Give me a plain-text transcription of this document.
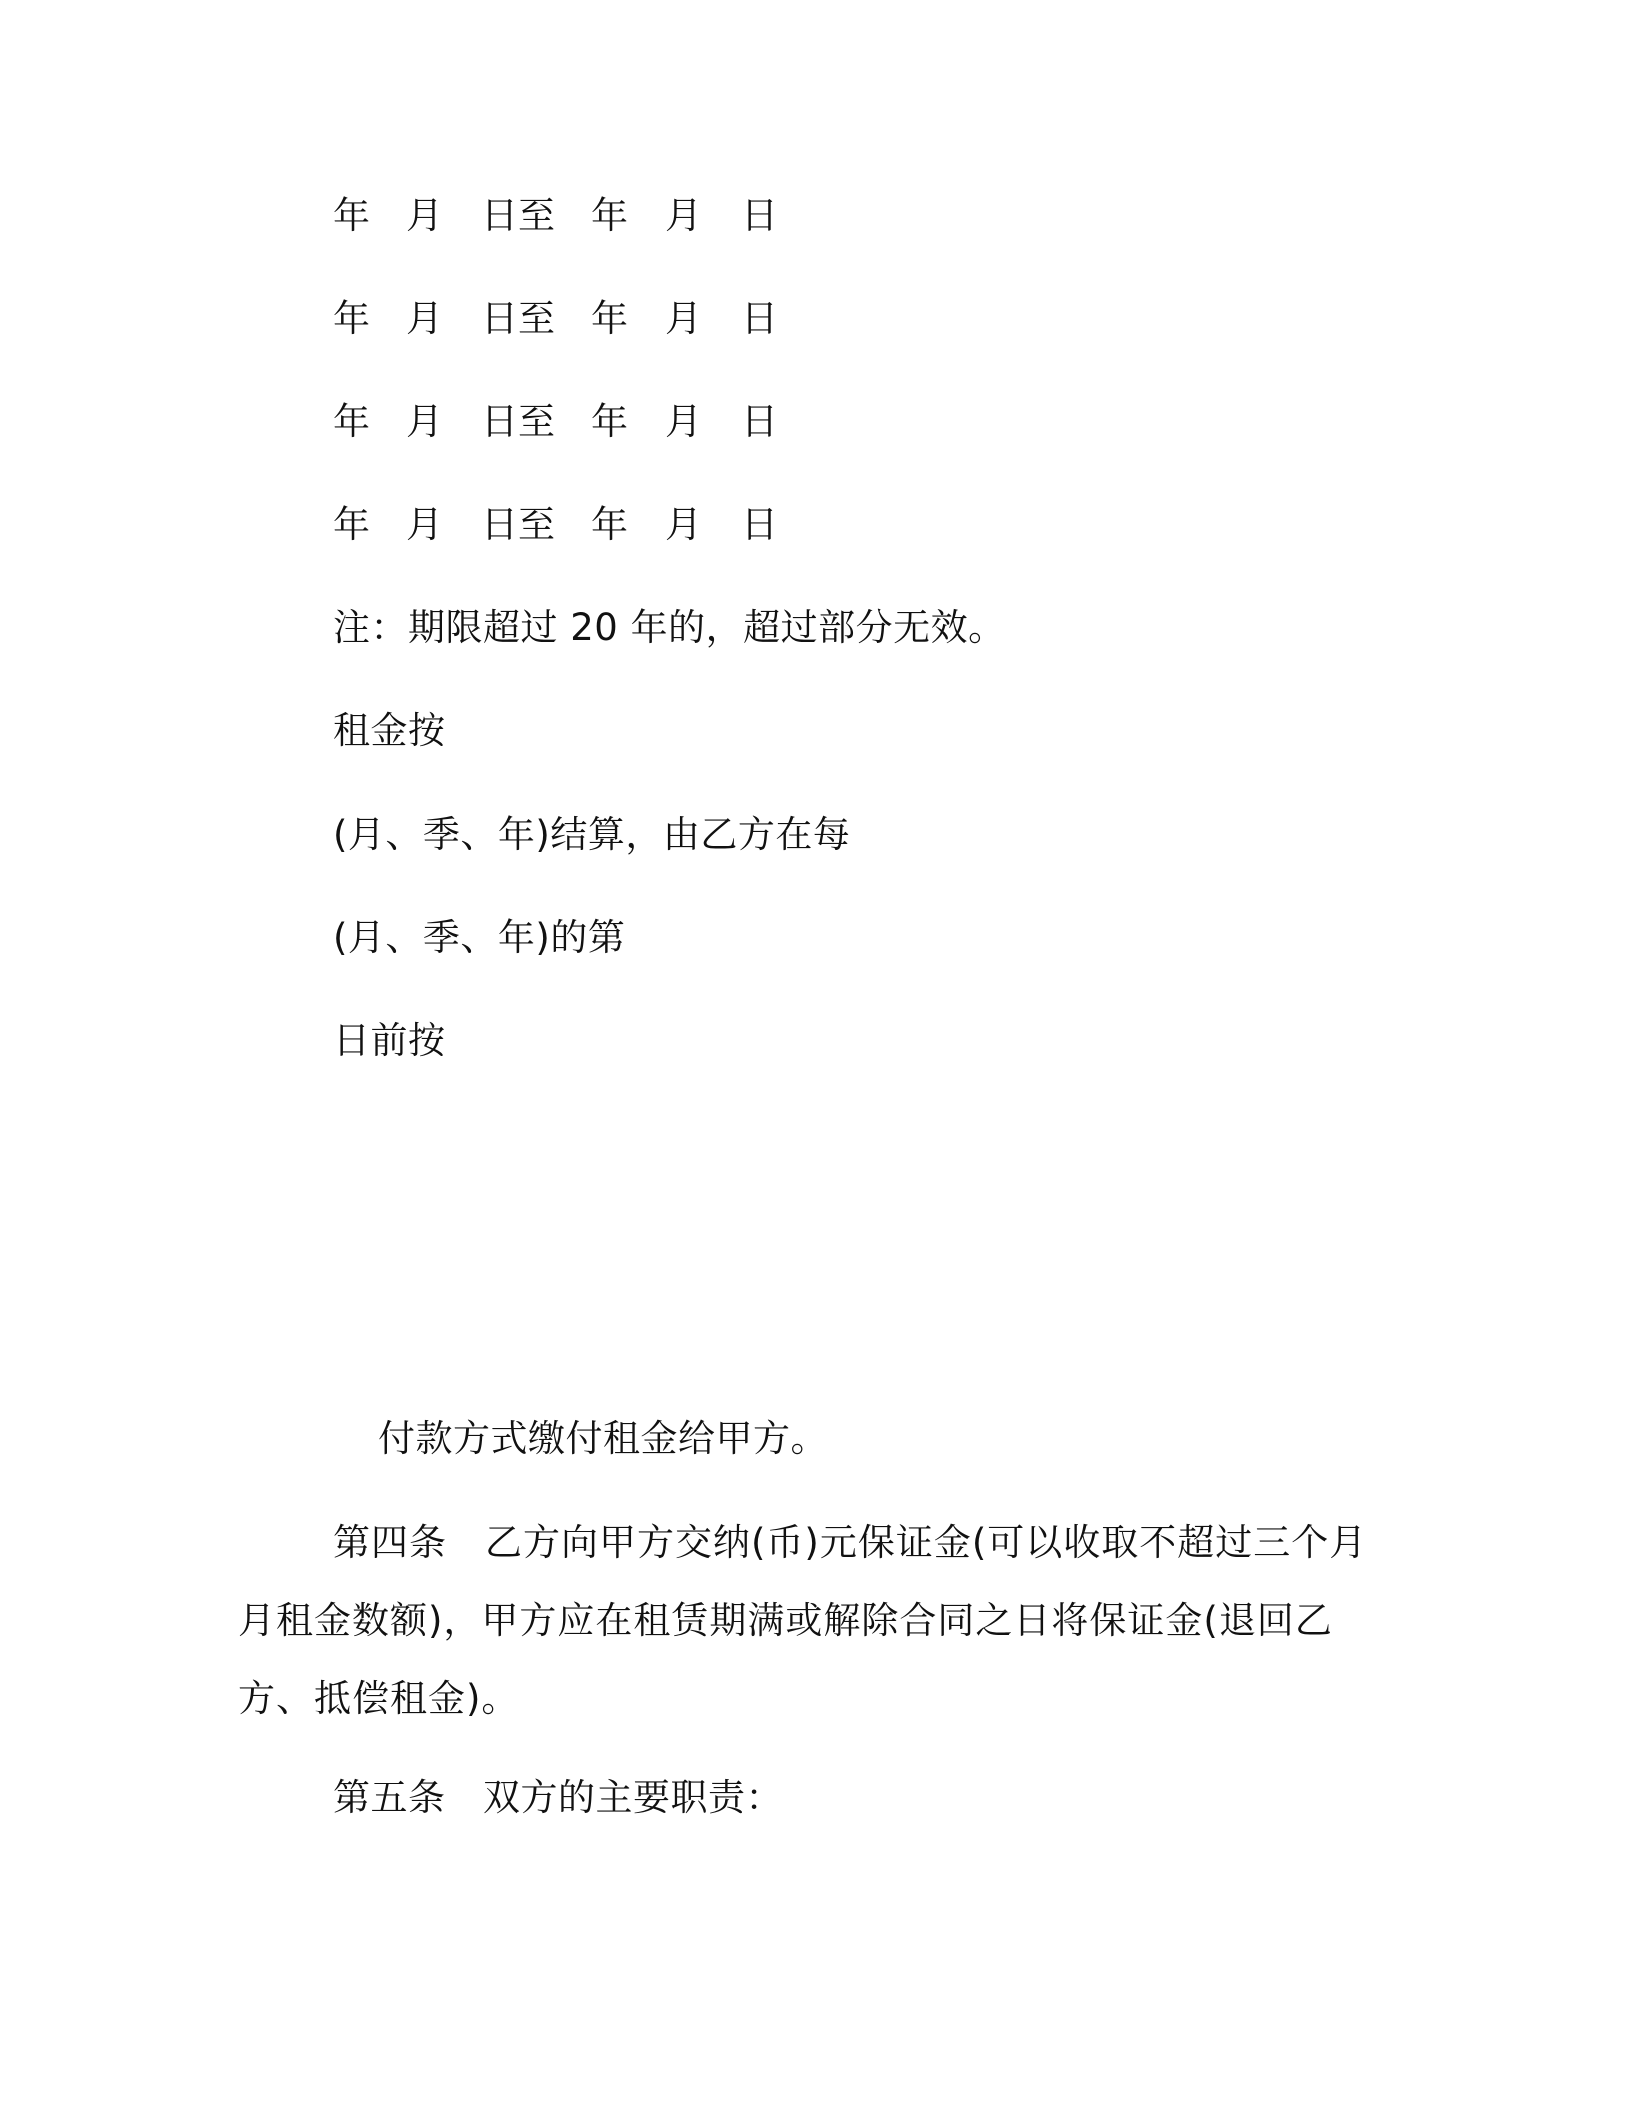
年 月 日至 年 月 日
年 月 日至 年 月 日
年 月 日至 年 月 日
年 月 日至 年 月 日
注：期限超过 20 年的，超过部分无效。
租金按
(月、季、年)结算，由乙方在每
(月、季、年)的第
日前按
付款方式缴付租金给甲方。
第四条　乙方向甲方交纳(币)元保证金(可以收取不超过三个月月租金数额)，甲方应在租赁期满或解除合同之日将保证金(退回乙方、抵偿租金)。
第五条　双方的主要职责：
